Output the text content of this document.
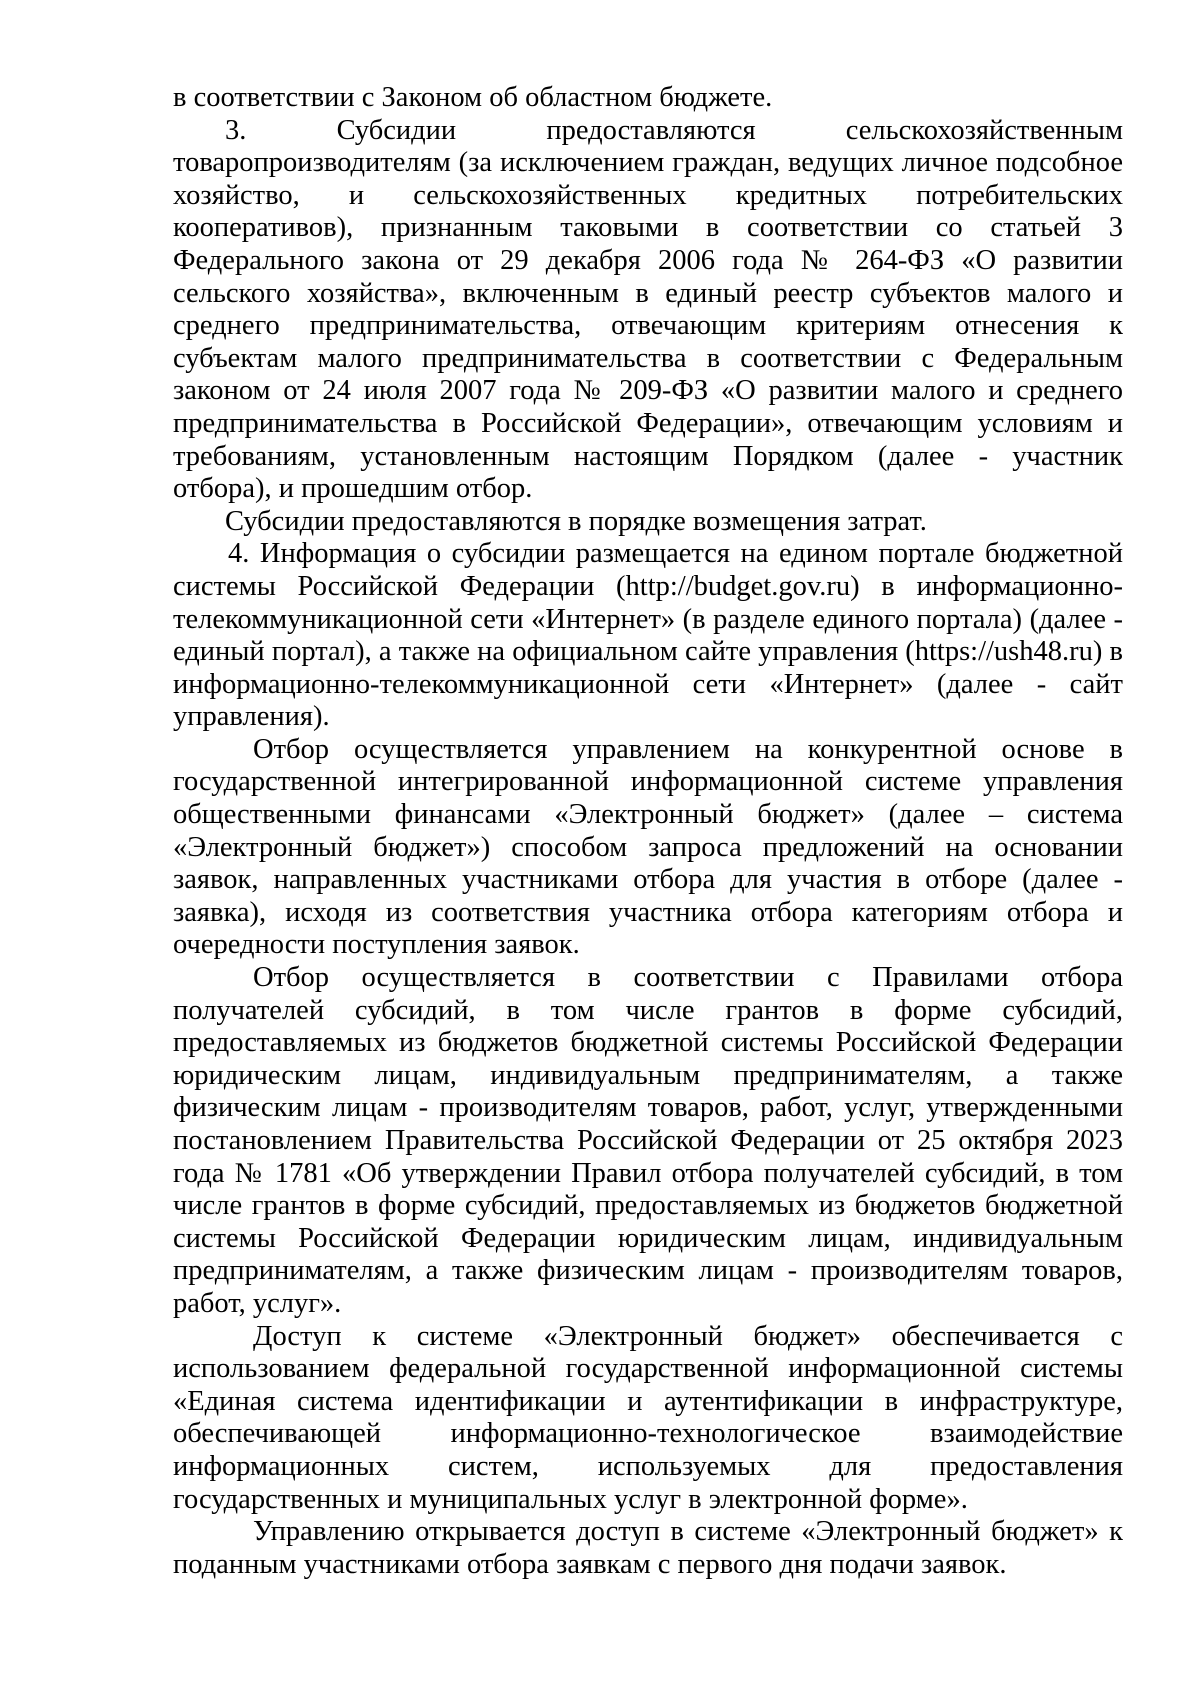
в соответствии с Законом об областном бюджете.

3. Субсидии предоставляются сельскохозяйственным товаропроизводителям (за исключением граждан, ведущих личное подсобное хозяйство, и сельскохозяйственных кредитных потребительских кооперативов), признанным таковыми в соответствии со статьей 3 Федерального закона от 29 декабря 2006 года № 264-ФЗ «О развитии сельского хозяйства», включенным в единый реестр субъектов малого и среднего предпринимательства, отвечающим критериям отнесения к субъектам малого предпринимательства в соответствии с Федеральным законом от 24 июля 2007 года № 209-ФЗ «О развитии малого и среднего предпринимательства в Российской Федерации», отвечающим условиям и требованиям, установленным настоящим Порядком (далее - участник отбора), и прошедшим отбор.

Субсидии предоставляются в порядке возмещения затрат.

4. Информация о субсидии размещается на едином портале бюджетной системы Российской Федерации (http://budget.gov.ru) в информационно-телекоммуникационной сети «Интернет» (в разделе единого портала) (далее - единый портал), а также на официальном сайте управления (https://ush48.ru) в информационно-телекоммуникационной сети «Интернет» (далее - сайт управления).

Отбор осуществляется управлением на конкурентной основе в государственной интегрированной информационной системе управления общественными финансами «Электронный бюджет» (далее – система «Электронный бюджет») способом запроса предложений на основании заявок, направленных участниками отбора для участия в отборе (далее - заявка), исходя из соответствия участника отбора категориям отбора и очередности поступления заявок.

Отбор осуществляется в соответствии с Правилами отбора получателей субсидий, в том числе грантов в форме субсидий, предоставляемых из бюджетов бюджетной системы Российской Федерации юридическим лицам, индивидуальным предпринимателям, а также физическим лицам - производителям товаров, работ, услуг, утвержденными постановлением Правительства Российской Федерации от 25 октября 2023 года № 1781 «Об утверждении Правил отбора получателей субсидий, в том числе грантов в форме субсидий, предоставляемых из бюджетов бюджетной системы Российской Федерации юридическим лицам, индивидуальным предпринимателям, а также физическим лицам - производителям товаров, работ, услуг».

Доступ к системе «Электронный бюджет» обеспечивается с использованием федеральной государственной информационной системы «Единая система идентификации и аутентификации в инфраструктуре, обеспечивающей информационно-технологическое взаимодействие информационных систем, используемых для предоставления государственных и муниципальных услуг в электронной форме».

Управлению открывается доступ в системе «Электронный бюджет» к поданным участниками отбора заявкам с первого дня подачи заявок.
